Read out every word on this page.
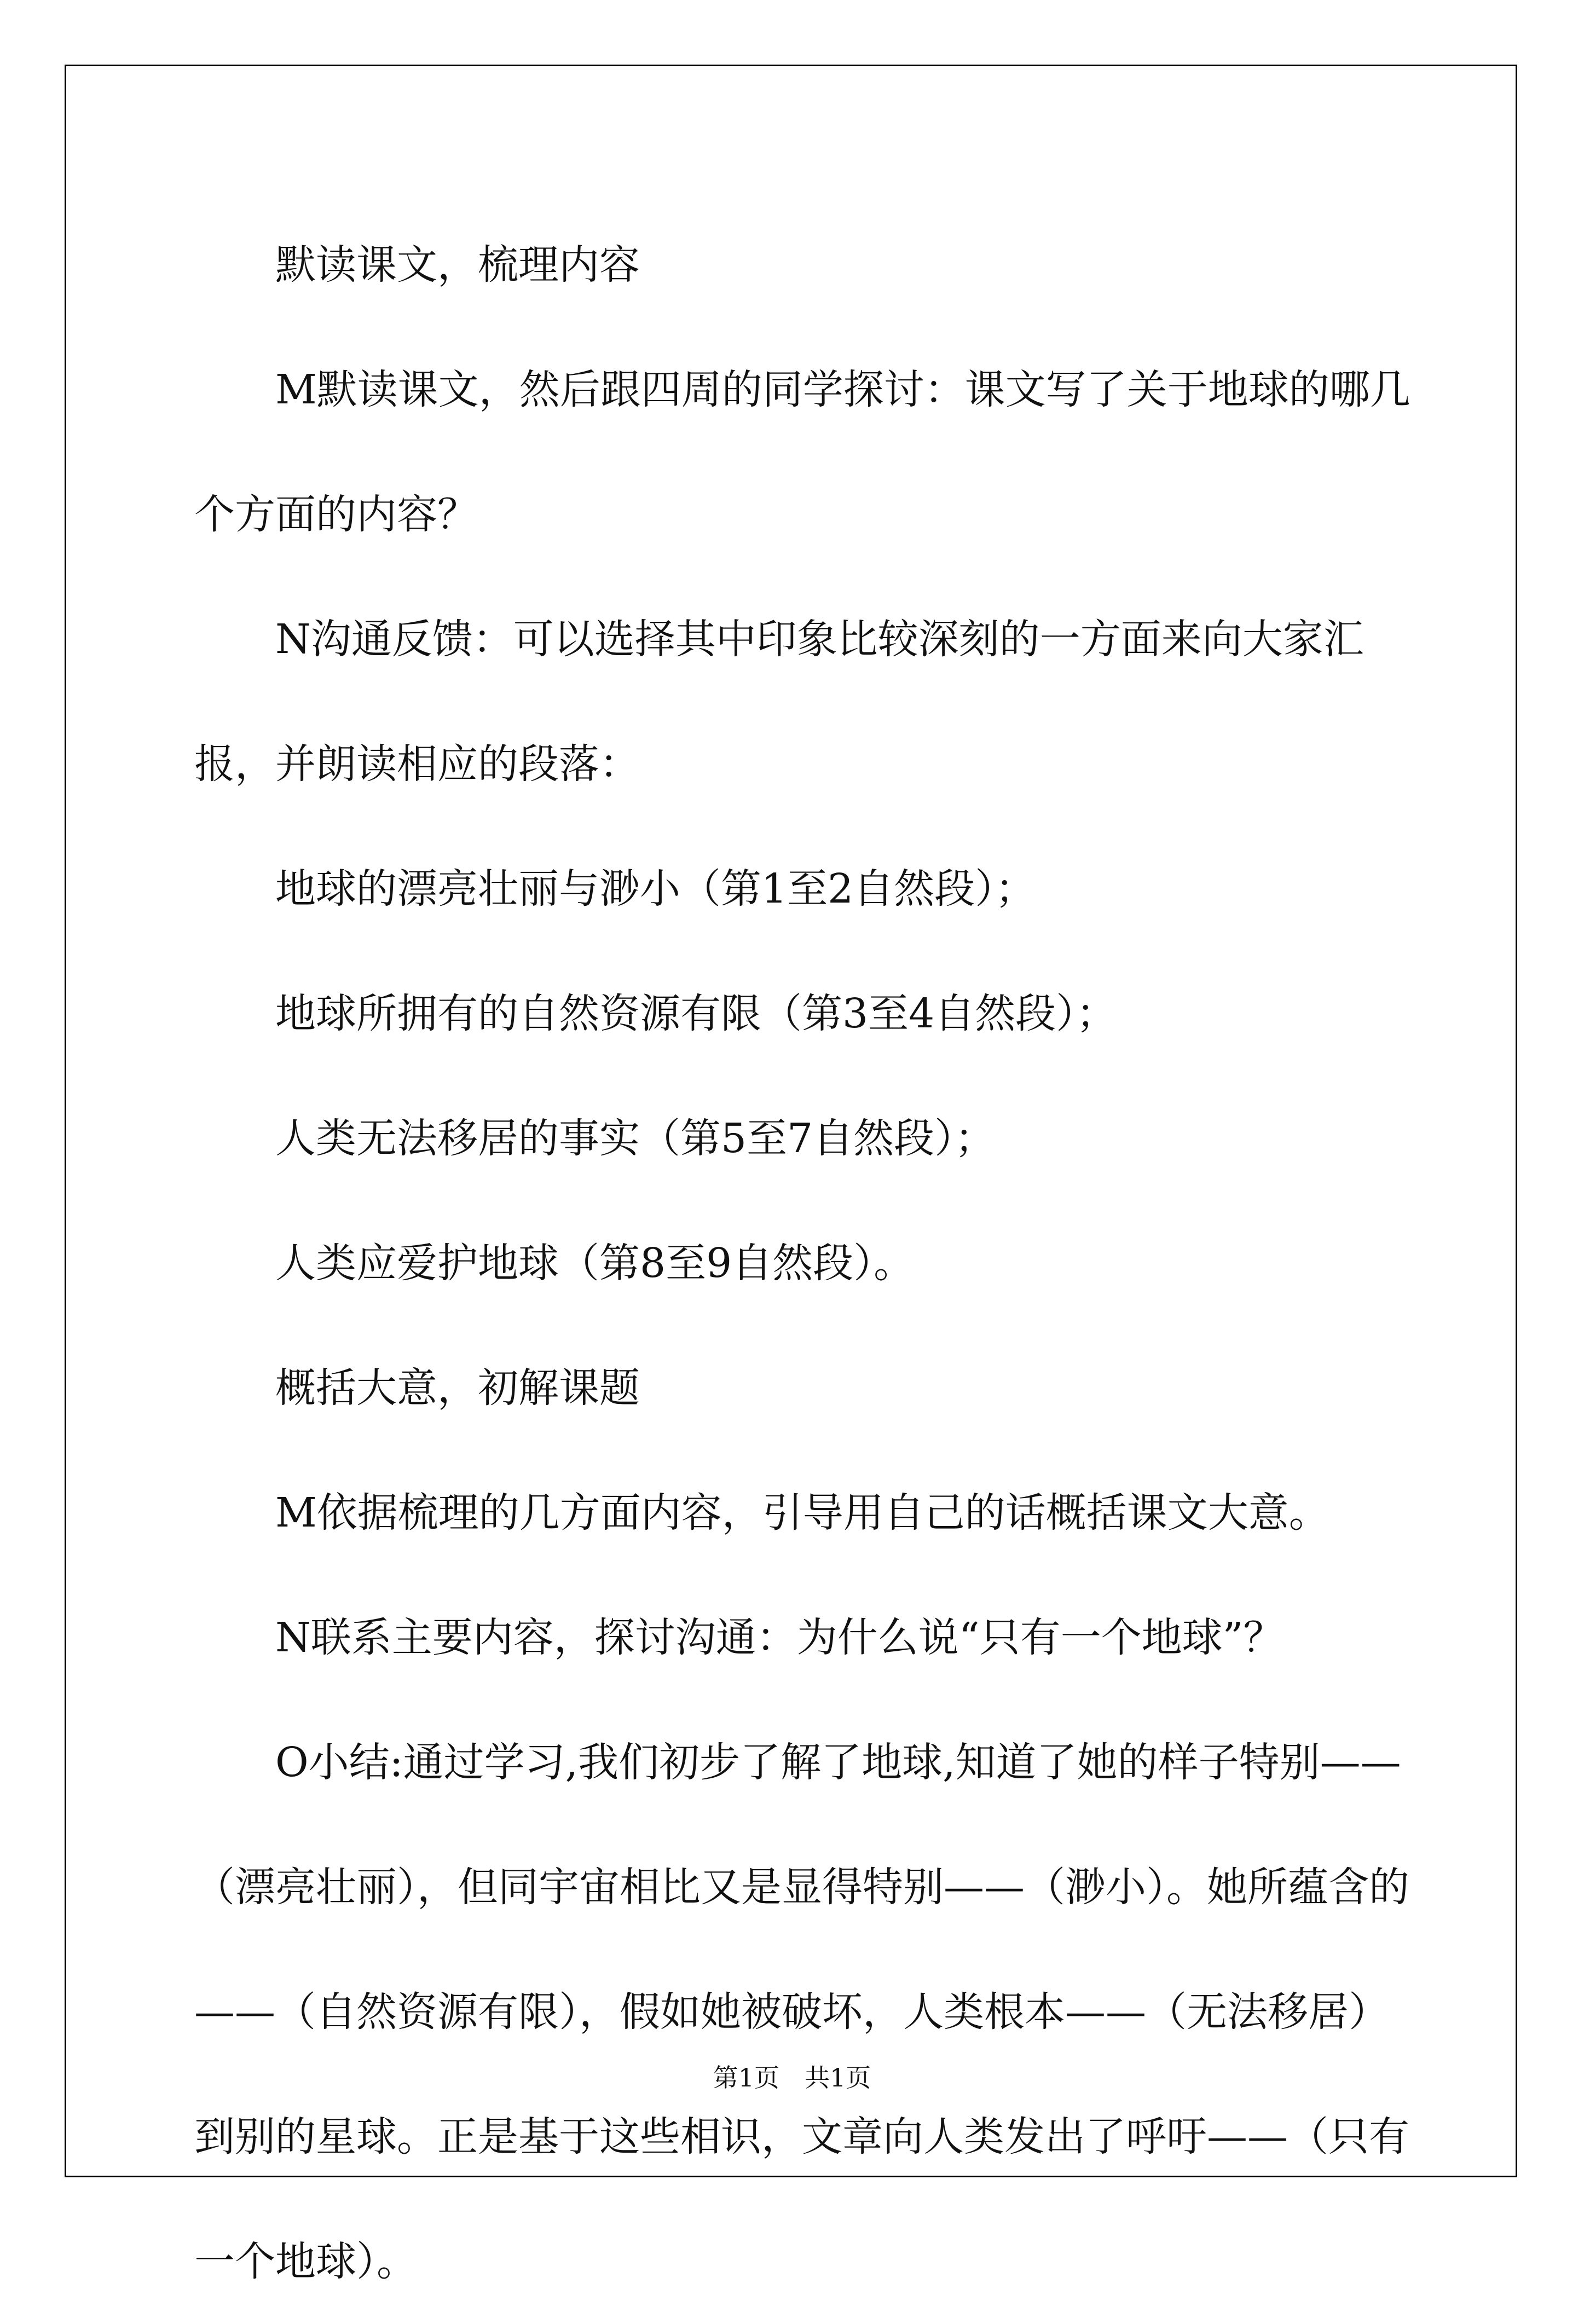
默读课文，梳理内容

M默读课文，然后跟四周的同学探讨：课文写了关于地球的哪几个方面的内容？

N沟通反馈：可以选择其中印象比较深刻的一方面来向大家汇报，并朗读相应的段落：

地球的漂亮壮丽与渺小（第1至2自然段）；

地球所拥有的自然资源有限（第3至4自然段）；

人类无法移居的事实（第5至7自然段）；

人类应爱护地球（第8至9自然段）。

概括大意，初解课题

M依据梳理的几方面内容，引导用自己的话概括课文大意。

N联系主要内容，探讨沟通：为什么说“只有一个地球”？

O小结:通过学习,我们初步了解了地球,知道了她的样子特别——（漂亮壮丽），但同宇宙相比又是显得特别——（渺小）。她所蕴含的——（自然资源有限），假如她被破坏，人类根本——（无法移居）到别的星球。正是基于这些相识，文章向人类发出了呼吁——（只有一个地球）。

第1页　共1页
